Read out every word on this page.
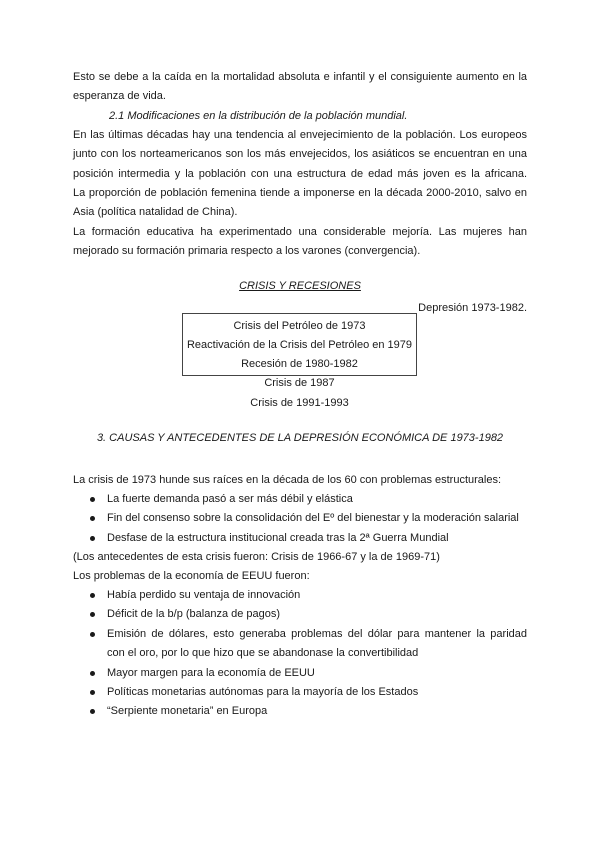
Esto se debe a la caída en la mortalidad absoluta e infantil y el consiguiente aumento en la

esperanza de vida.

2.1 Modificaciones en la distribución de la población mundial.

En las últimas décadas hay una tendencia al envejecimiento de la población. Los europeos

junto con los norteamericanos son los más envejecidos, los asiáticos se encuentran en una

posición intermedia y la población con una estructura de edad más joven es la africana.

La proporción de población femenina tiende a imponerse en la década 2000-2010, salvo en

Asia (política natalidad de China).

La formación educativa ha experimentado una considerable mejoría. Las mujeres han

mejorado su formación primaria respecto a los varones (convergencia).

CRISIS Y RECESIONES
Depresión 1973-1982.
Crisis del Petróleo de 1973
Reactivación de la Crisis del Petróleo en 1979
Recesión de 1980-1982
Crisis de 1987
Crisis de 1991-1993
3. CAUSAS Y ANTECEDENTES DE LA DEPRESIÓN ECONÓMICA DE 1973-1982

La crisis de 1973 hunde sus raíces en la década de los 60 con problemas estructurales:

La fuerte demanda pasó a ser más débil y elástica
Fin del consenso sobre la consolidación del Eº del bienestar y la moderación salarial
Desfase de la estructura institucional creada tras la 2ª Guerra Mundial

(Los antecedentes de esta crisis fueron: Crisis de 1966-67 y la de 1969-71)

Los problemas de la economía de EEUU fueron:

Había perdido su ventaja de innovación
Déficit de la b/p (balanza de pagos)
Emisión de dólares, esto generaba problemas del dólar para mantener la paridad
con el oro, por lo que hizo que se abandonase la convertibilidad
Mayor margen para la economía de EEUU
Políticas monetarias autónomas para la mayoría de los Estados
“Serpiente monetaria” en Europa
